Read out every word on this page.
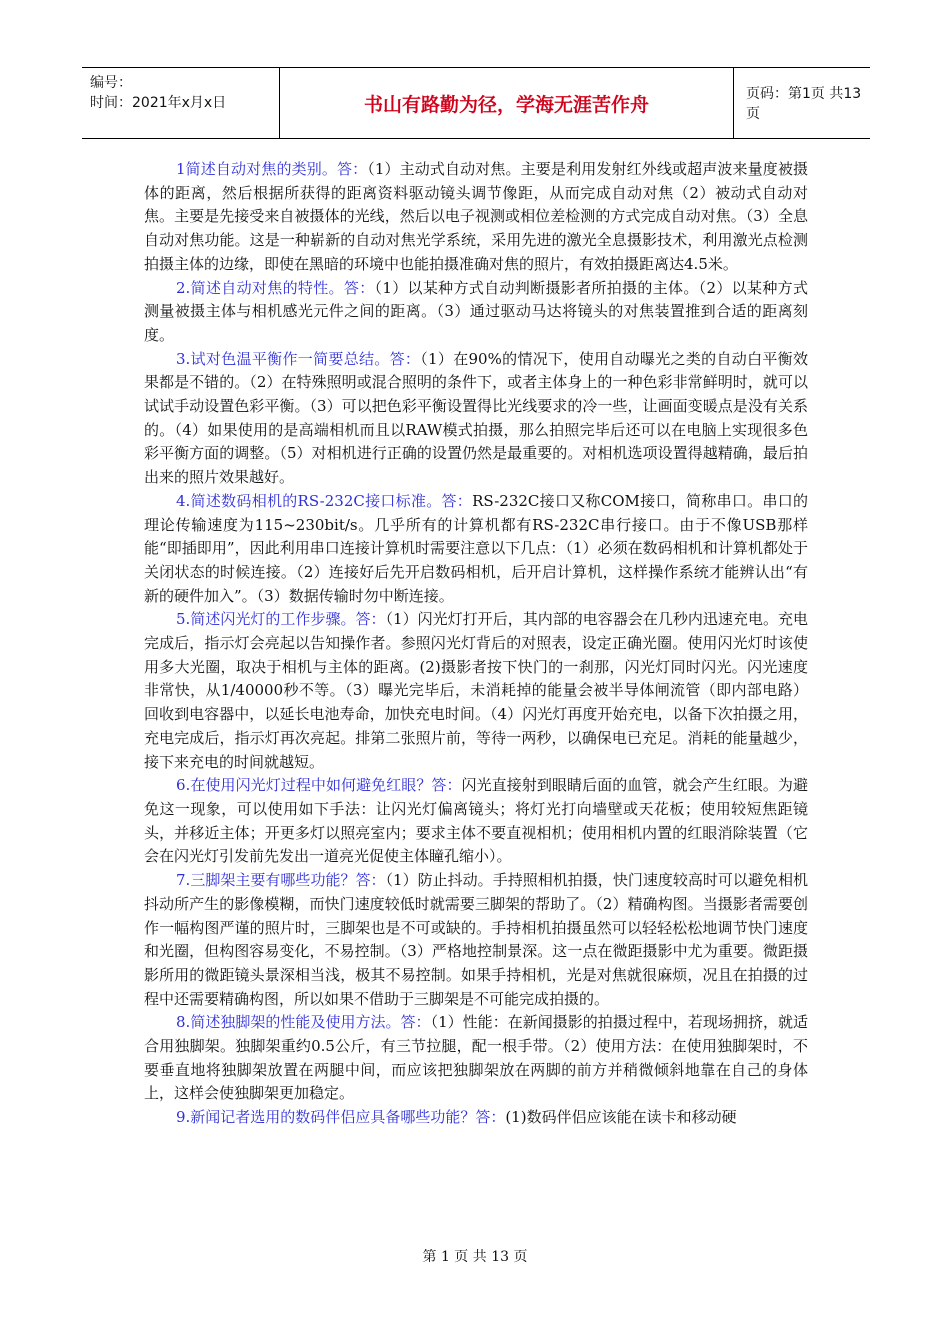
编号：
时间：2021年x月x日	书山有路勤为径，学海无涯苦作舟	页码：第1页 共13页

1简述自动对焦的类别。答：（1）主动式自动对焦。主要是利用发射红外线或超声波来量度被摄体的距离，然后根据所获得的距离资料驱动镜头调节像距，从而完成自动对焦（2）被动式自动对焦。主要是先接受来自被摄体的光线，然后以电子视测或相位差检测的方式完成自动对焦。（3）全息自动对焦功能。这是一种崭新的自动对焦光学系统，采用先进的激光全息摄影技术，利用激光点检测拍摄主体的边缘，即使在黑暗的环境中也能拍摄准确对焦的照片，有效拍摄距离达4.5米。

2.简述自动对焦的特性。答：（1）以某种方式自动判断摄影者所拍摄的主体。（2）以某种方式测量被摄主体与相机感光元件之间的距离。（3）通过驱动马达将镜头的对焦装置推到合适的距离刻度。

3.试对色温平衡作一简要总结。答：（1）在90%的情况下，使用自动曝光之类的自动白平衡效果都是不错的。（2）在特殊照明或混合照明的条件下，或者主体身上的一种色彩非常鲜明时，就可以试试手动设置色彩平衡。（3）可以把色彩平衡设置得比光线要求的冷一些，让画面变暖点是没有关系的。（4）如果使用的是高端相机而且以RAW模式拍摄，那么拍照完毕后还可以在电脑上实现很多色彩平衡方面的调整。（5）对相机进行正确的设置仍然是最重要的。对相机选项设置得越精确，最后拍出来的照片效果越好。

4.简述数码相机的RS-232C接口标准。答：RS-232C接口又称COM接口，简称串口。串口的理论传输速度为115~230bit/s。几乎所有的计算机都有RS-232C串行接口。由于不像USB那样能“即插即用”，因此利用串口连接计算机时需要注意以下几点：（1）必须在数码相机和计算机都处于关闭状态的时候连接。（2）连接好后先开启数码相机，后开启计算机，这样操作系统才能辨认出“有新的硬件加入”。（3）数据传输时勿中断连接。

5.简述闪光灯的工作步骤。答：（1）闪光灯打开后，其内部的电容器会在几秒内迅速充电。充电完成后，指示灯会亮起以告知操作者。参照闪光灯背后的对照表，设定正确光圈。使用闪光灯时该使用多大光圈，取决于相机与主体的距离。(2)摄影者按下快门的一刹那，闪光灯同时闪光。闪光速度非常快，从1/40000秒不等。（3）曝光完毕后，未消耗掉的能量会被半导体闸流管（即内部电路）回收到电容器中，以延长电池寿命，加快充电时间。（4）闪光灯再度开始充电，以备下次拍摄之用，充电完成后，指示灯再次亮起。排第二张照片前，等待一两秒，以确保电已充足。消耗的能量越少，接下来充电的时间就越短。

6.在使用闪光灯过程中如何避免红眼？答：闪光直接射到眼睛后面的血管，就会产生红眼。为避免这一现象，可以使用如下手法：让闪光灯偏离镜头；将灯光打向墙壁或天花板；使用较短焦距镜头，并移近主体；开更多灯以照亮室内；要求主体不要直视相机；使用相机内置的红眼消除装置（它会在闪光灯引发前先发出一道亮光促使主体瞳孔缩小）。

7.三脚架主要有哪些功能？答：（1）防止抖动。手持照相机拍摄，快门速度较高时可以避免相机抖动所产生的影像模糊，而快门速度较低时就需要三脚架的帮助了。（2）精确构图。当摄影者需要创作一幅构图严谨的照片时，三脚架也是不可或缺的。手持相机拍摄虽然可以轻轻松松地调节快门速度和光圈，但构图容易变化，不易控制。（3）严格地控制景深。这一点在微距摄影中尤为重要。微距摄影所用的微距镜头景深相当浅，极其不易控制。如果手持相机，光是对焦就很麻烦，况且在拍摄的过程中还需要精确构图，所以如果不借助于三脚架是不可能完成拍摄的。

8.简述独脚架的性能及使用方法。答：（1）性能：在新闻摄影的拍摄过程中，若现场拥挤，就适合用独脚架。独脚架重约0.5公斤，有三节拉腿，配一根手带。（2）使用方法：在使用独脚架时，不要垂直地将独脚架放置在两腿中间，而应该把独脚架放在两脚的前方并稍微倾斜地靠在自己的身体上，这样会使独脚架更加稳定。

9.新闻记者选用的数码伴侣应具备哪些功能？答：(1)数码伴侣应该能在读卡和移动硬

第 1 页 共 13 页
